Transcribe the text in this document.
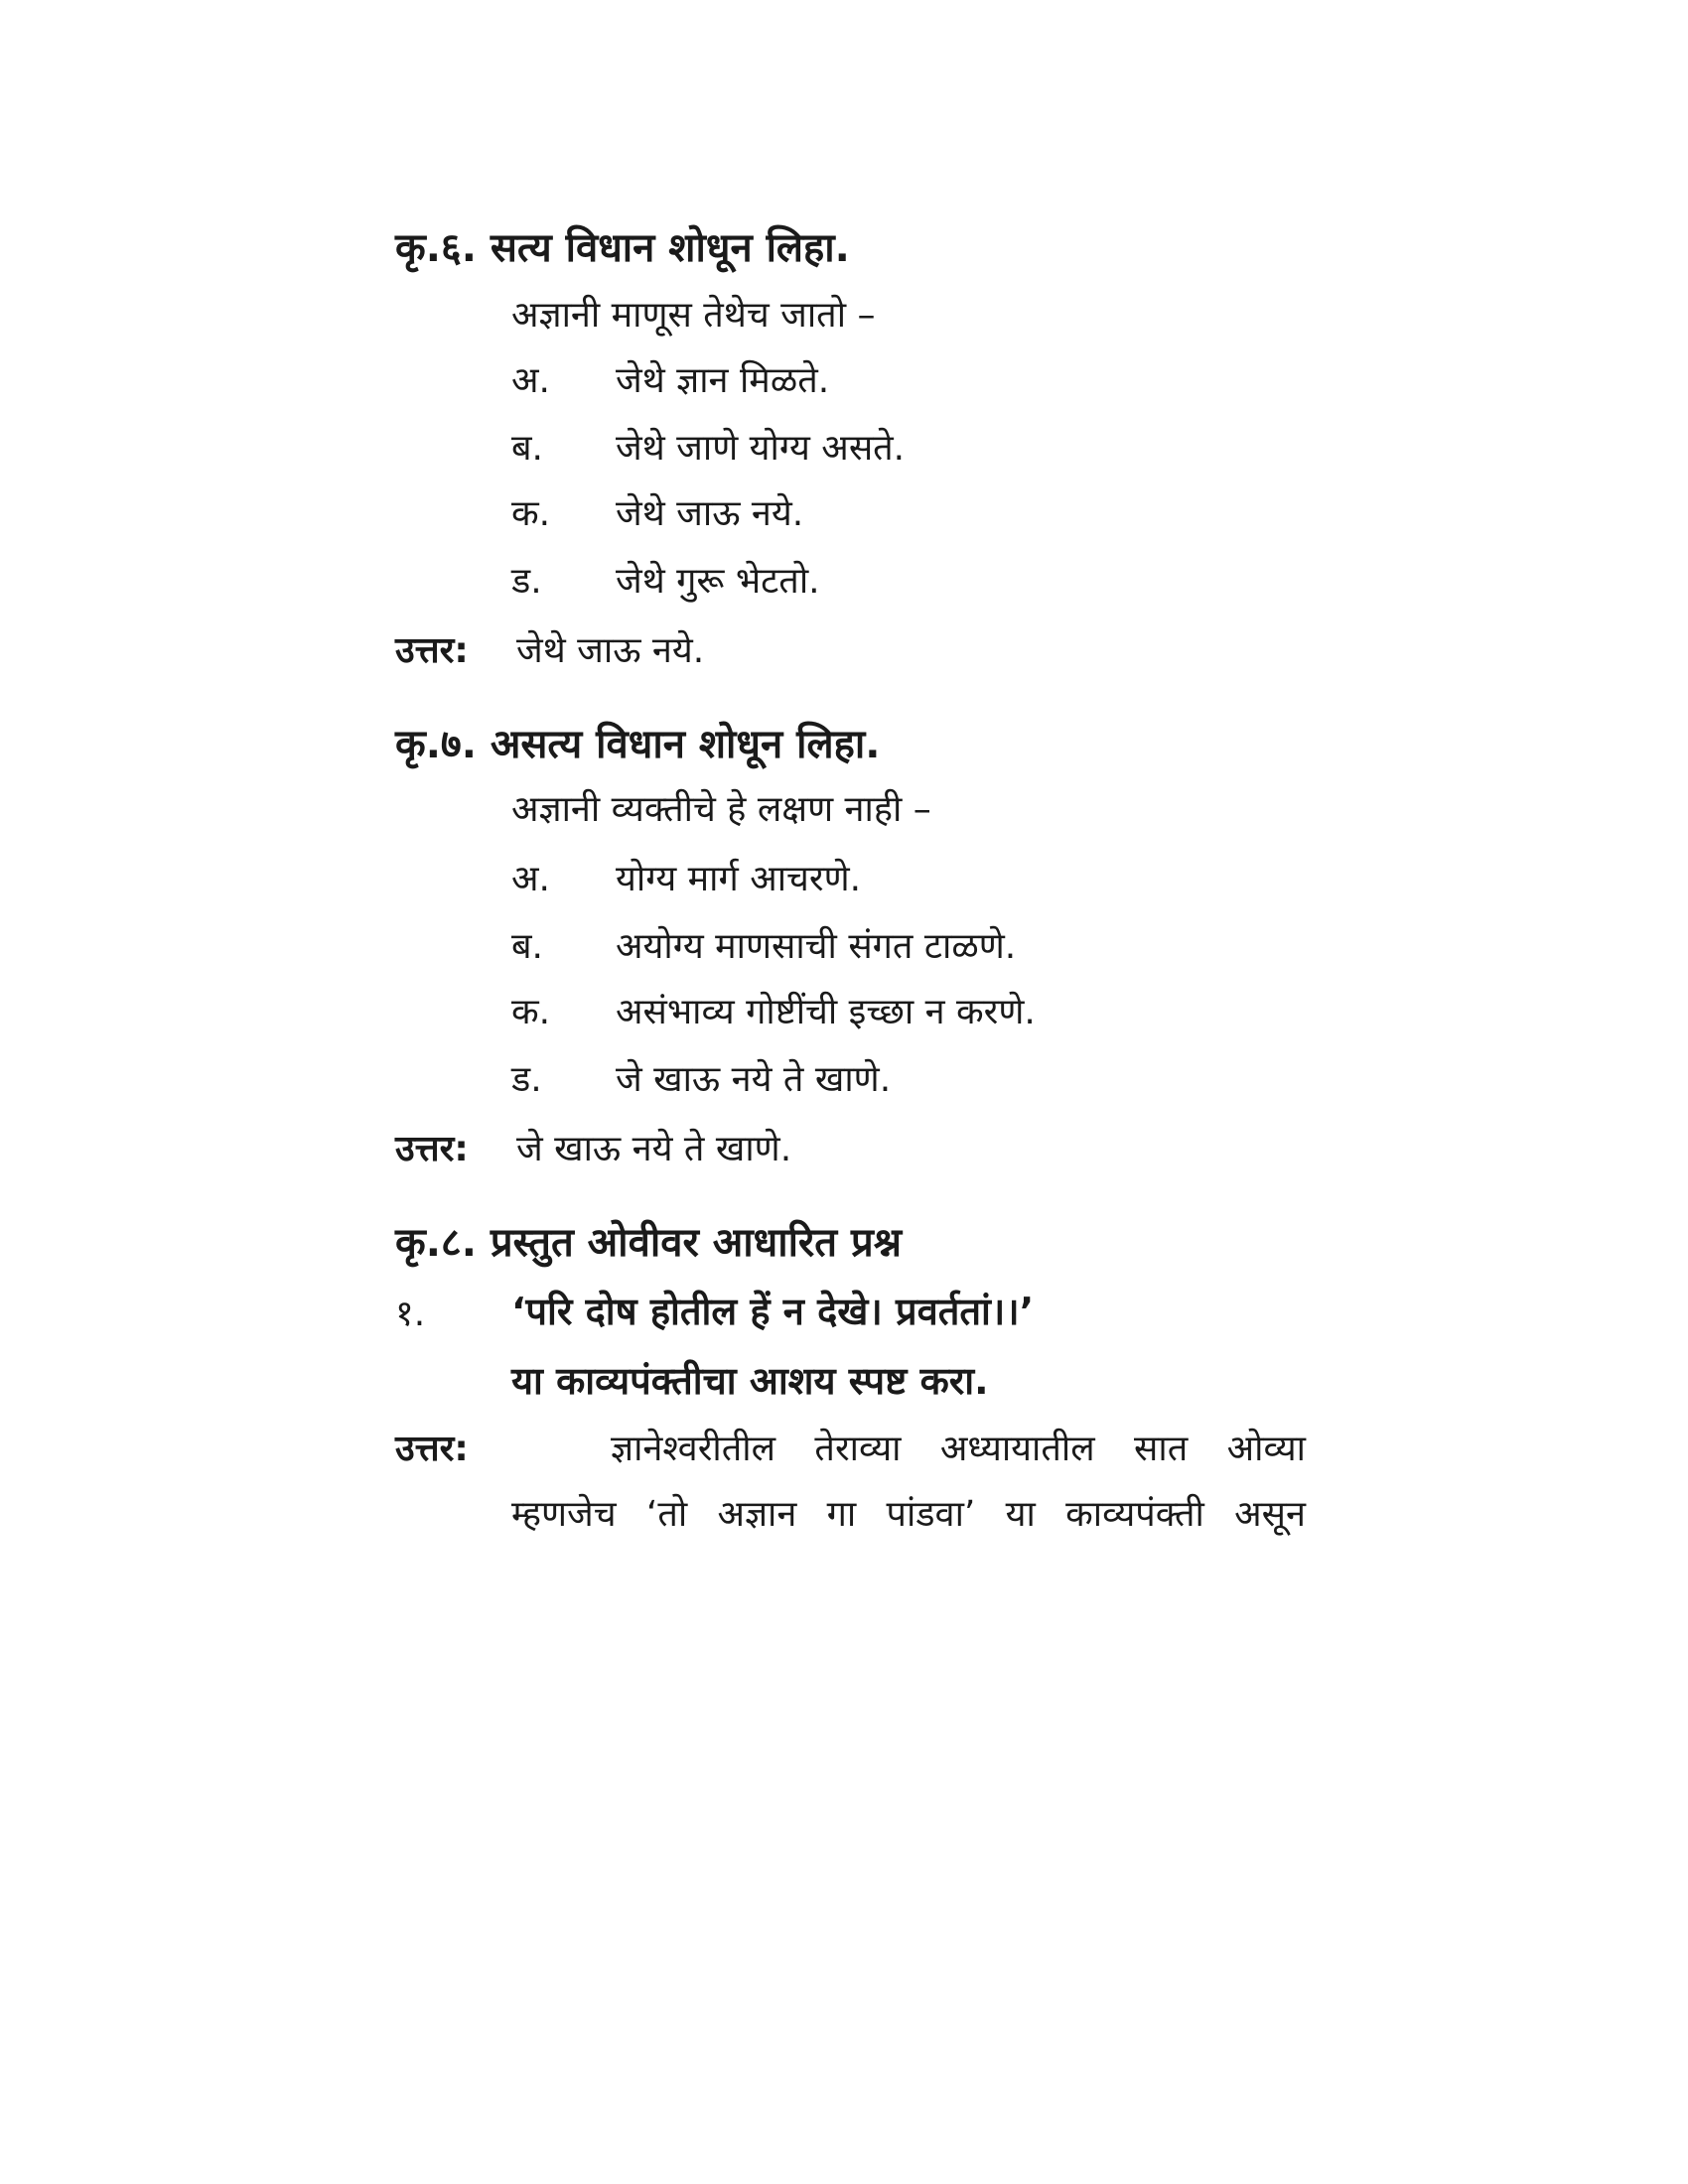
कृ.६. सत्य विधान शोधून लिहा.
अज्ञानी माणूस तेथेच जातो –
अ. जेथे ज्ञान मिळते.
ब. जेथे जाणे योग्य असते.
क. जेथे जाऊ नये.
ड. जेथे गुरू भेटतो.
उत्तर: जेथे जाऊ नये.
कृ.७. असत्य विधान शोधून लिहा.
अज्ञानी व्यक्तीचे हे लक्षण नाही –
अ. योग्य मार्ग आचरणे.
ब. अयोग्य माणसाची संगत टाळणे.
क. असंभाव्य गोष्टींची इच्छा न करणे.
ड. जे खाऊ नये ते खाणे.
उत्तर: जे खाऊ नये ते खाणे.
कृ.८. प्रस्तुत ओवीवर आधारित प्रश्न
१. ‘परि दोष होतील हें न देखे। प्रवर्ततां।।’
या काव्यपंक्तीचा आशय स्पष्ट करा.
उत्तर:	ज्ञानेश्वरीतील तेराव्या अध्यायातील सात ओव्या
म्हणजेच ‘तो अज्ञान गा पांडवा’ या काव्यपंक्ती असून
